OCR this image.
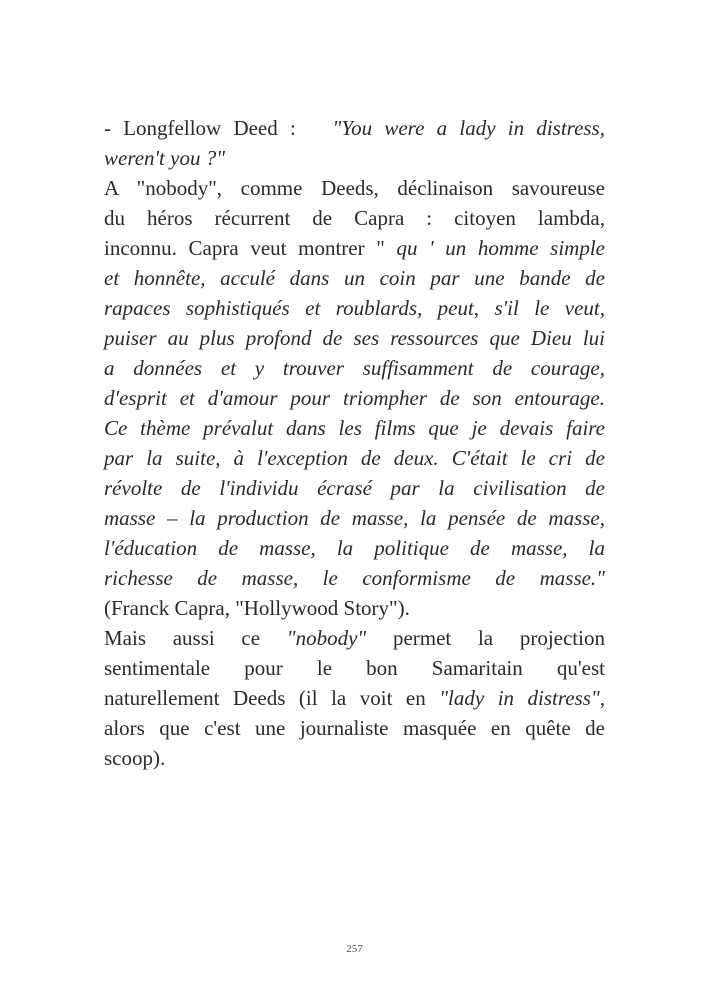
- Longfellow Deed :   "You were a lady in distress,
weren't you ?"
A "nobody", comme Deeds, déclinaison savoureuse
du héros récurrent de Capra : citoyen lambda,
inconnu. Capra veut montrer " qu ' un homme simple
et honnête, acculé dans un coin par une bande de
rapaces sophistiqués et roublards, peut, s'il le veut,
puiser au plus profond de ses ressources que Dieu lui
a données et y trouver suffisamment de courage,
d'esprit et d'amour pour triompher de son entourage.
Ce thème prévalut dans les films que je devais faire
par la suite, à l'exception de deux. C'était le cri de
révolte de l'individu écrasé par la civilisation de
masse – la production de masse, la pensée de masse,
l'éducation de masse, la politique de masse, la
richesse de masse, le conformisme de masse."
(Franck Capra, "Hollywood Story").
Mais aussi ce "nobody" permet la projection
sentimentale pour le bon Samaritain qu'est
naturellement Deeds (il la voit en "lady in distress",
alors que c'est une journaliste masquée en quête de
scoop).
257
